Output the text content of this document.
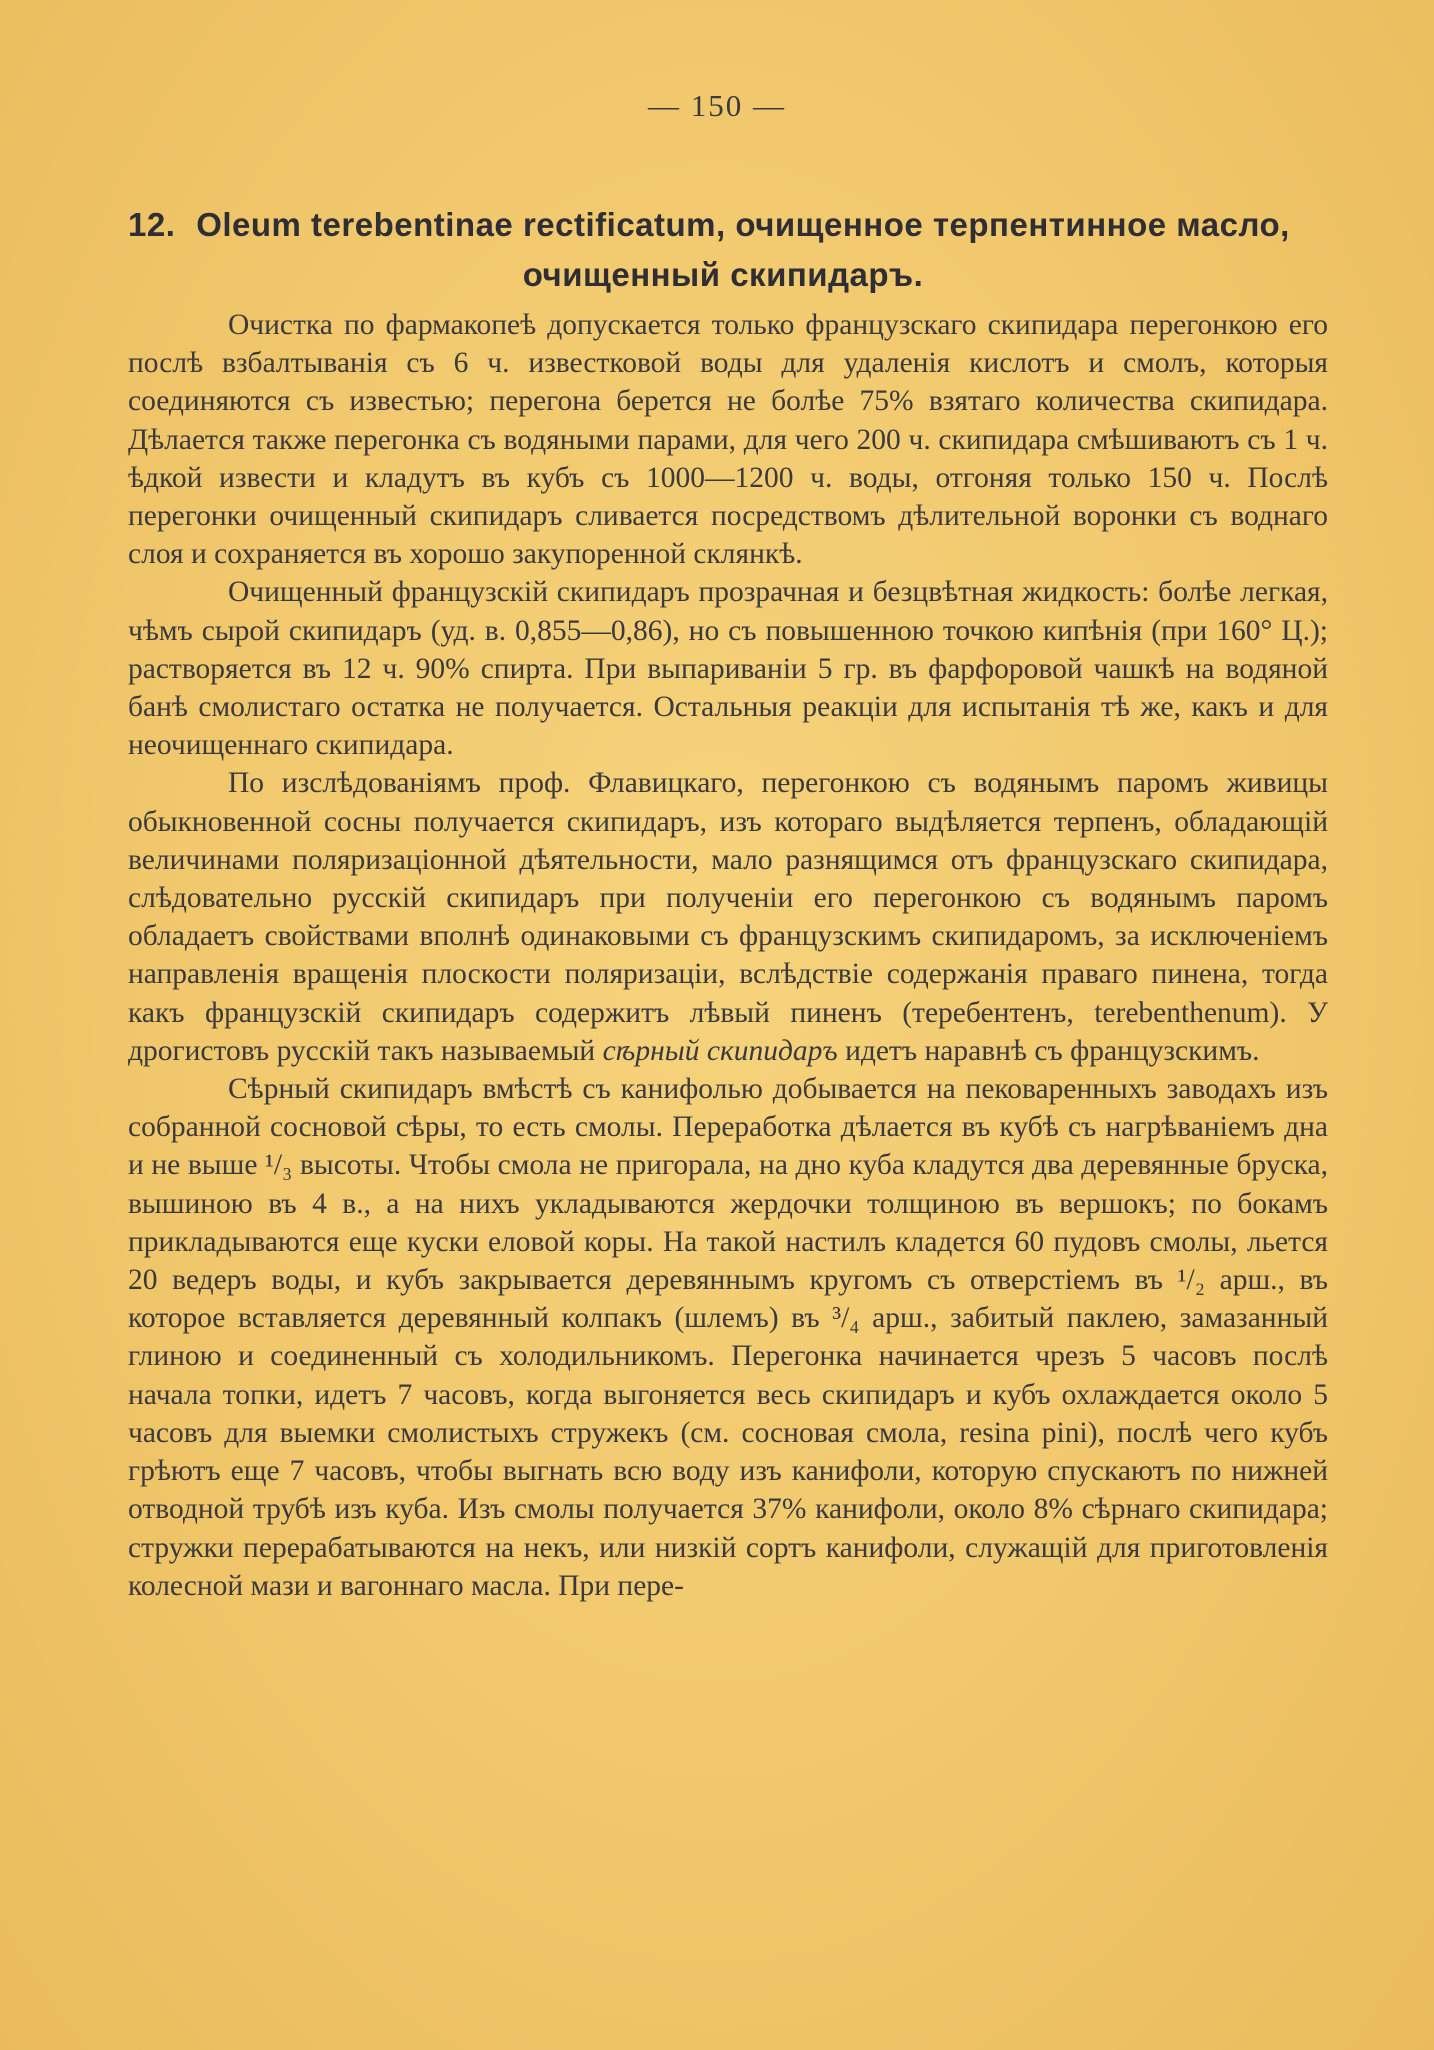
— 150 —
12. Oleum terebentinae rectificatum, очищенное терпентинное масло,
очищенный скипидаръ.

Очистка по фармакопеѣ допускается только французскаго скипидара перегонкою его послѣ взбалтыванія съ 6 ч. известковой воды для удаленія кислотъ и смолъ, которыя соединяются съ известью; перегона берется не болѣе 75% взятаго количества скипидара. Дѣлается также перегонка съ водяными парами, для чего 200 ч. скипидара смѣшиваютъ съ 1 ч. ѣдкой извести и кладутъ въ кубъ съ 1000—1200 ч. воды, отгоняя только 150 ч. Послѣ перегонки очищенный скипидаръ сливается посредствомъ дѣлительной воронки съ воднаго слоя и сохраняется въ хорошо закупоренной склянкѣ.

Очищенный французскій скипидаръ прозрачная и безцвѣтная жидкость: болѣе легкая, чѣмъ сырой скипидаръ (уд. в. 0,855—0,86), но съ повышенною точкою кипѣнія (при 160° Ц.); растворяется въ 12 ч. 90% спирта. При выпариваніи 5 гр. въ фарфоровой чашкѣ на водяной банѣ смолистаго остатка не получается. Остальныя реакціи для испытанія тѣ же, какъ и для неочищеннаго скипидара.

По изслѣдованіямъ проф. Флавицкаго, перегонкою съ водянымъ паромъ живицы обыкновенной сосны получается скипидаръ, изъ котораго выдѣляется терпенъ, обладающій величинами поляризаціонной дѣятельности, мало разнящимся отъ французскаго скипидара, слѣдовательно русскій скипидаръ при полученіи его перегонкою съ водянымъ паромъ обладаетъ свойствами вполнѣ одинаковыми съ французскимъ скипидаромъ, за исключеніемъ направленія вращенія плоскости поляризаціи, вслѣдствіе содержанія праваго пинена, тогда какъ французскій скипидаръ содержитъ лѣвый пиненъ (теребентенъ, terebenthenum). У дрогистовъ русскій такъ называемый сѣрный скипидаръ идетъ наравнѣ съ французскимъ.

Сѣрный скипидаръ вмѣстѣ съ канифолью добывается на пековаренныхъ заводахъ изъ собранной сосновой сѣры, то есть смолы. Переработка дѣлается въ кубѣ съ нагрѣваніемъ дна и не выше ¹/₃ высоты. Чтобы смола не пригорала, на дно куба кладутся два деревянные бруска, вышиною въ 4 в., а на нихъ укладываются жердочки толщиною въ вершокъ; по бокамъ прикладываются еще куски еловой коры. На такой настилъ кладется 60 пудовъ смолы, льется 20 ведеръ воды, и кубъ закрывается деревяннымъ кругомъ съ отверстіемъ въ ¹/₂ арш., въ которое вставляется деревянный колпакъ (шлемъ) въ ³/₄ арш., забитый паклею, замазанный глиною и соединенный съ холодильникомъ. Перегонка начинается чрезъ 5 часовъ послѣ начала топки, идетъ 7 часовъ, когда выгоняется весь скипидаръ и кубъ охлаждается около 5 часовъ для выемки смолистыхъ стружекъ (см. сосновая смола, resina pini), послѣ чего кубъ грѣютъ еще 7 часовъ, чтобы выгнать всю воду изъ канифоли, которую спускаютъ по нижней отводной трубѣ изъ куба. Изъ смолы получается 37% канифоли, около 8% сѣрнаго скипидара; стружки перерабатываются на некъ, или низкій сортъ канифоли, служащій для приготовленія колесной мази и вагоннаго масла. При пере-
